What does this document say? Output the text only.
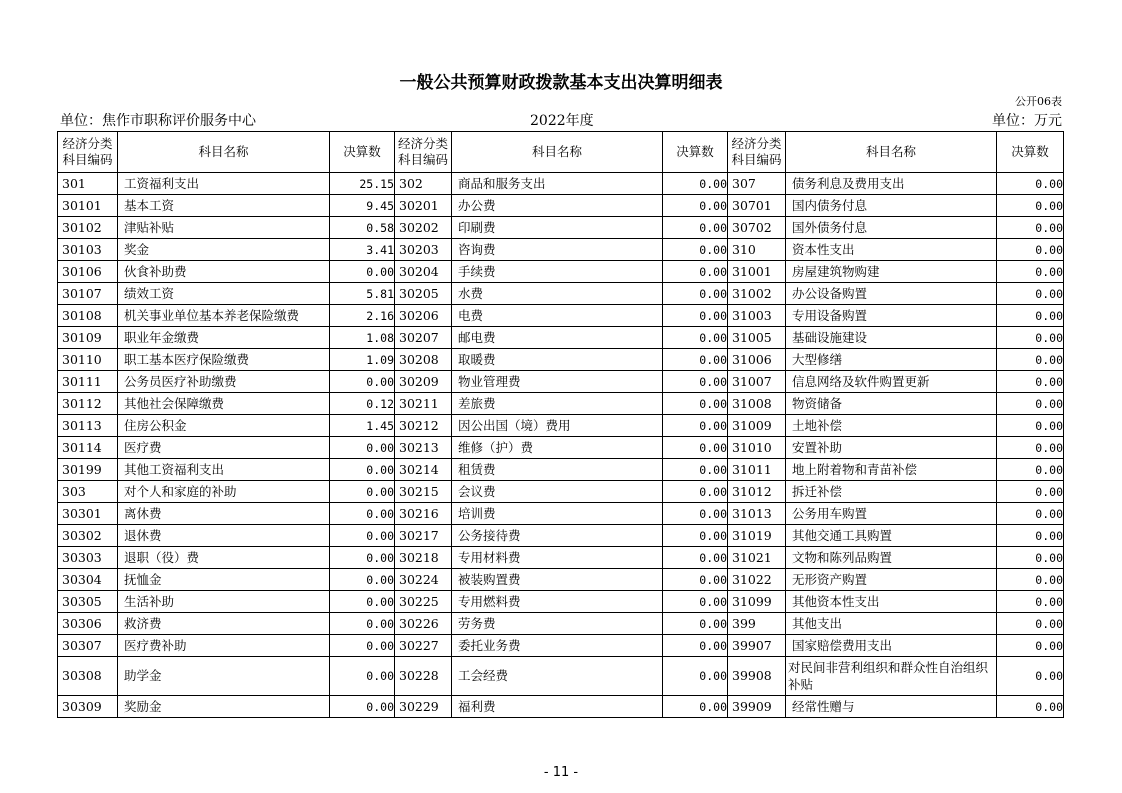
一般公共预算财政拨款基本支出决算明细表
公开06表
单位：焦作市职称评价服务中心	2022年度	单位：万元
经济分类科目编码	科目名称	决算数	经济分类科目编码	科目名称	决算数	经济分类科目编码	科目名称	决算数
301	工资福利支出	25.15	302	商品和服务支出	0.00	307	债务利息及费用支出	0.00
30101	基本工资	9.45	30201	办公费	0.00	30701	国内债务付息	0.00
30102	津贴补贴	0.58	30202	印刷费	0.00	30702	国外债务付息	0.00
30103	奖金	3.41	30203	咨询费	0.00	310	资本性支出	0.00
30106	伙食补助费	0.00	30204	手续费	0.00	31001	房屋建筑物购建	0.00
30107	绩效工资	5.81	30205	水费	0.00	31002	办公设备购置	0.00
30108	机关事业单位基本养老保险缴费	2.16	30206	电费	0.00	31003	专用设备购置	0.00
30109	职业年金缴费	1.08	30207	邮电费	0.00	31005	基础设施建设	0.00
30110	职工基本医疗保险缴费	1.09	30208	取暖费	0.00	31006	大型修缮	0.00
30111	公务员医疗补助缴费	0.00	30209	物业管理费	0.00	31007	信息网络及软件购置更新	0.00
30112	其他社会保障缴费	0.12	30211	差旅费	0.00	31008	物资储备	0.00
30113	住房公积金	1.45	30212	因公出国（境）费用	0.00	31009	土地补偿	0.00
30114	医疗费	0.00	30213	维修（护）费	0.00	31010	安置补助	0.00
30199	其他工资福利支出	0.00	30214	租赁费	0.00	31011	地上附着物和青苗补偿	0.00
303	对个人和家庭的补助	0.00	30215	会议费	0.00	31012	拆迁补偿	0.00
30301	离休费	0.00	30216	培训费	0.00	31013	公务用车购置	0.00
30302	退休费	0.00	30217	公务接待费	0.00	31019	其他交通工具购置	0.00
30303	退职（役）费	0.00	30218	专用材料费	0.00	31021	文物和陈列品购置	0.00
30304	抚恤金	0.00	30224	被装购置费	0.00	31022	无形资产购置	0.00
30305	生活补助	0.00	30225	专用燃料费	0.00	31099	其他资本性支出	0.00
30306	救济费	0.00	30226	劳务费	0.00	399	其他支出	0.00
30307	医疗费补助	0.00	30227	委托业务费	0.00	39907	国家赔偿费用支出	0.00
30308	助学金	0.00	30228	工会经费	0.00	39908	对民间非营利组织和群众性自治组织补贴	0.00
30309	奖励金	0.00	30229	福利费	0.00	39909	经常性赠与	0.00
- 11 -
